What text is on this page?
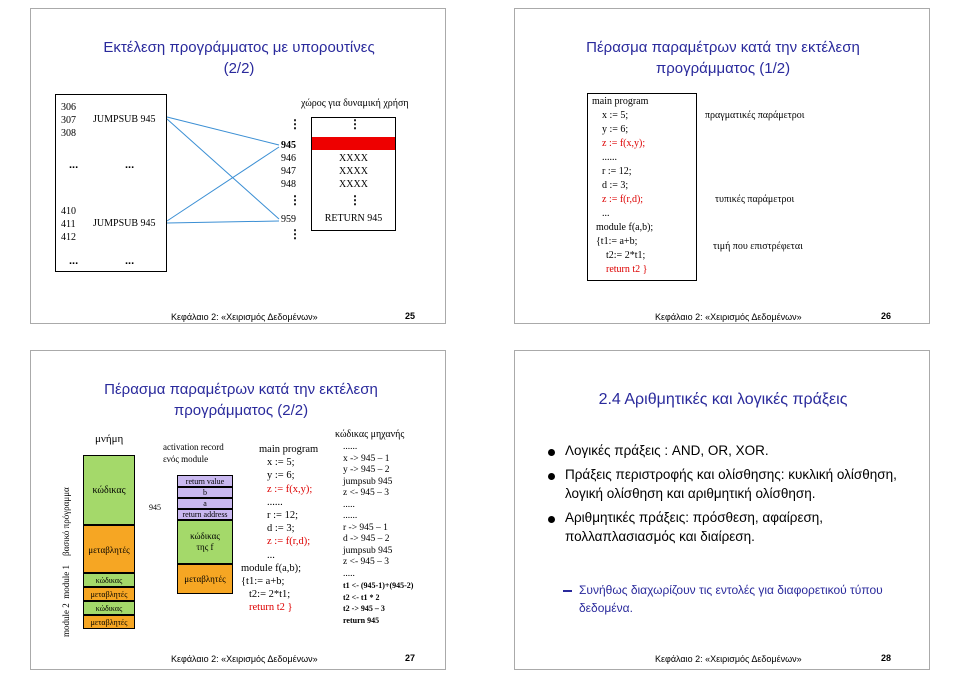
Εκτέλεση προγράμματος με υπορουτίνες
(2/2)
306
307
308
JUMPSUB 945
...	...
410
411
412
JUMPSUB 945
...	...
χώρος για δυναμική χρήση
⋮
XXXX
XXXX
XXXX
⋮
RETURN 945
945
946
947
948
⋮
⋮
959
⋮
Κεφάλαιο 2: «Χειρισμός Δεδομένων»	25
Πέρασμα παραμέτρων κατά την εκτέλεση
προγράμματος (1/2)
main program
x := 5;
y := 6;
z := f(x,y);
......
r := 12;
d := 3;
z := f(r,d);
...
module f(a,b);
{t1:= a+b;
t2:= 2*t1;
return t2 }
πραγματικές παράμετροι
τυπικές παράμετροι
τιμή που επιστρέφεται
Κεφάλαιο 2: «Χειρισμός Δεδομένων»	26
Πέρασμα παραμέτρων κατά την εκτέλεση
προγράμματος (2/2)
μνήμη
module 2  module 1    βασικό πρόγραμμα	κώδικας
μεταβλητές
κώδικας
μεταβλητές
κώδικας
μεταβλητές
activation record
ενός module
945
return value
b
a
return address
κώδικας
της f
μεταβλητές
main program
x := 5;
y := 6;
z := f(x,y);
......
r := 12;
d := 3;
z := f(r,d);
...
module f(a,b);
{t1:= a+b;
t2:= 2*t1;
return t2 }
κώδικας μηχανής
......
x -> 945 – 1
y -> 945 – 2
jumpsub 945
z <- 945 – 3
.....
......
r -> 945 – 1
d -> 945 – 2
jumpsub 945
z <- 945 – 3
.....
t1 <- (945-1)+(945-2)
t2 <- t1 * 2
t2 -> 945 – 3
return 945
Κεφάλαιο 2: «Χειρισμός Δεδομένων»	27
2.4 Αριθμητικές και λογικές πράξεις
Λογικές πράξεις : AND, OR, XOR.
Πράξεις περιστροφής και ολίσθησης: κυκλική ολίσθηση, λογική ολίσθηση και αριθμητική ολίσθηση.
Αριθμητικές πράξεις: πρόσθεση, αφαίρεση, πολλαπλασιασμός και διαίρεση.
Συνήθως διαχωρίζουν τις εντολές για διαφορετικού τύπου δεδομένα.
Κεφάλαιο 2: «Χειρισμός Δεδομένων»	28
